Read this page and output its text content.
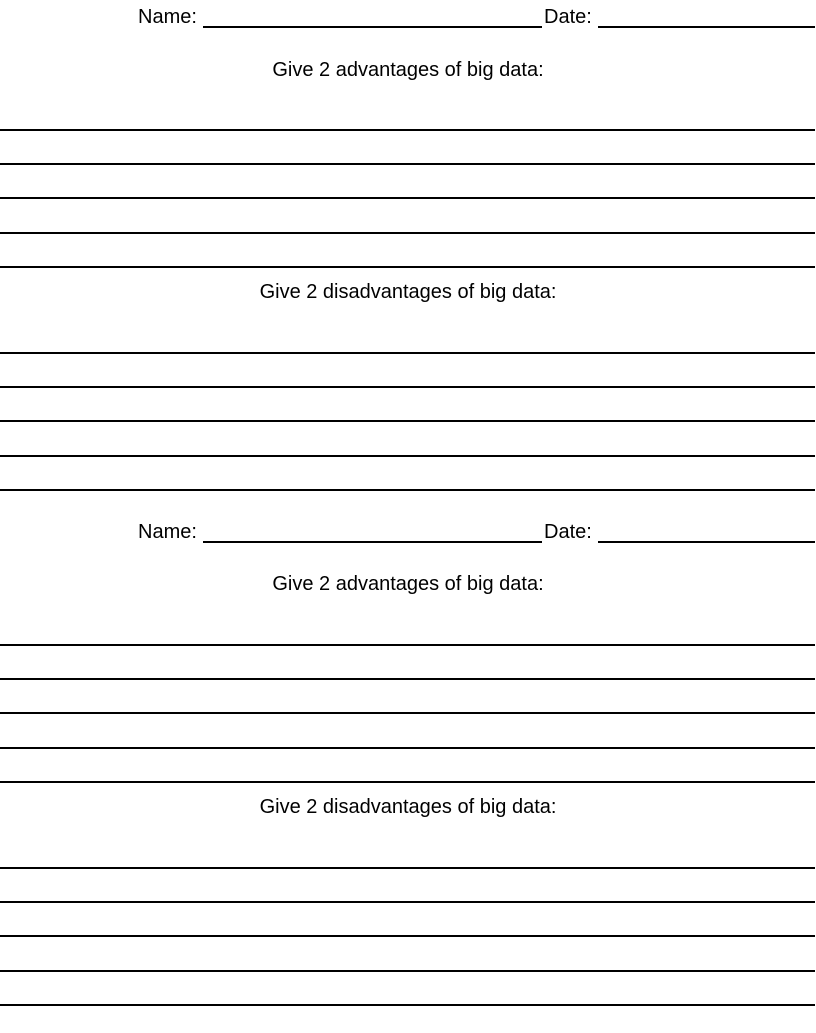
Name:	Date:
Give 2 advantages of big data:
Give 2 disadvantages of big data:
Name:	Date:
Give 2 advantages of big data:
Give 2 disadvantages of big data:
